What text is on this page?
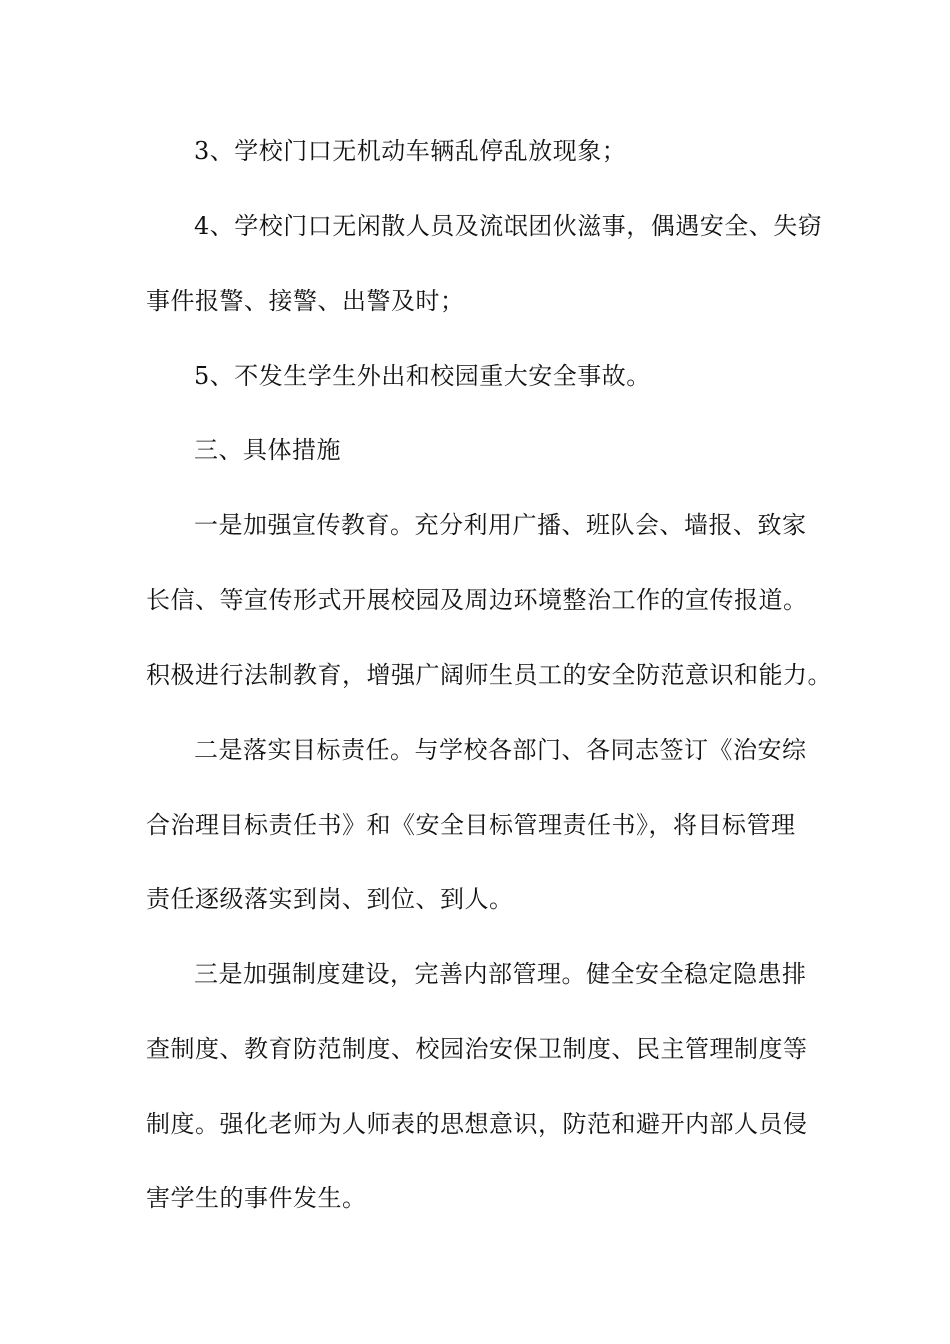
3、学校门口无机动车辆乱停乱放现象；
4、学校门口无闲散人员及流氓团伙滋事，偶遇安全、失窃
事件报警、接警、出警及时；
5、不发生学生外出和校园重大安全事故。
三、具体措施
一是加强宣传教育。充分利用广播、班队会、墙报、致家
长信、等宣传形式开展校园及周边环境整治工作的宣传报道。
积极进行法制教育，增强广阔师生员工的安全防范意识和能力。
二是落实目标责任。与学校各部门、各同志签订《治安综
合治理目标责任书》和《安全目标管理责任书》，将目标管理
责任逐级落实到岗、到位、到人。
三是加强制度建设，完善内部管理。健全安全稳定隐患排
查制度、教育防范制度、校园治安保卫制度、民主管理制度等
制度。强化老师为人师表的思想意识，防范和避开内部人员侵
害学生的事件发生。
